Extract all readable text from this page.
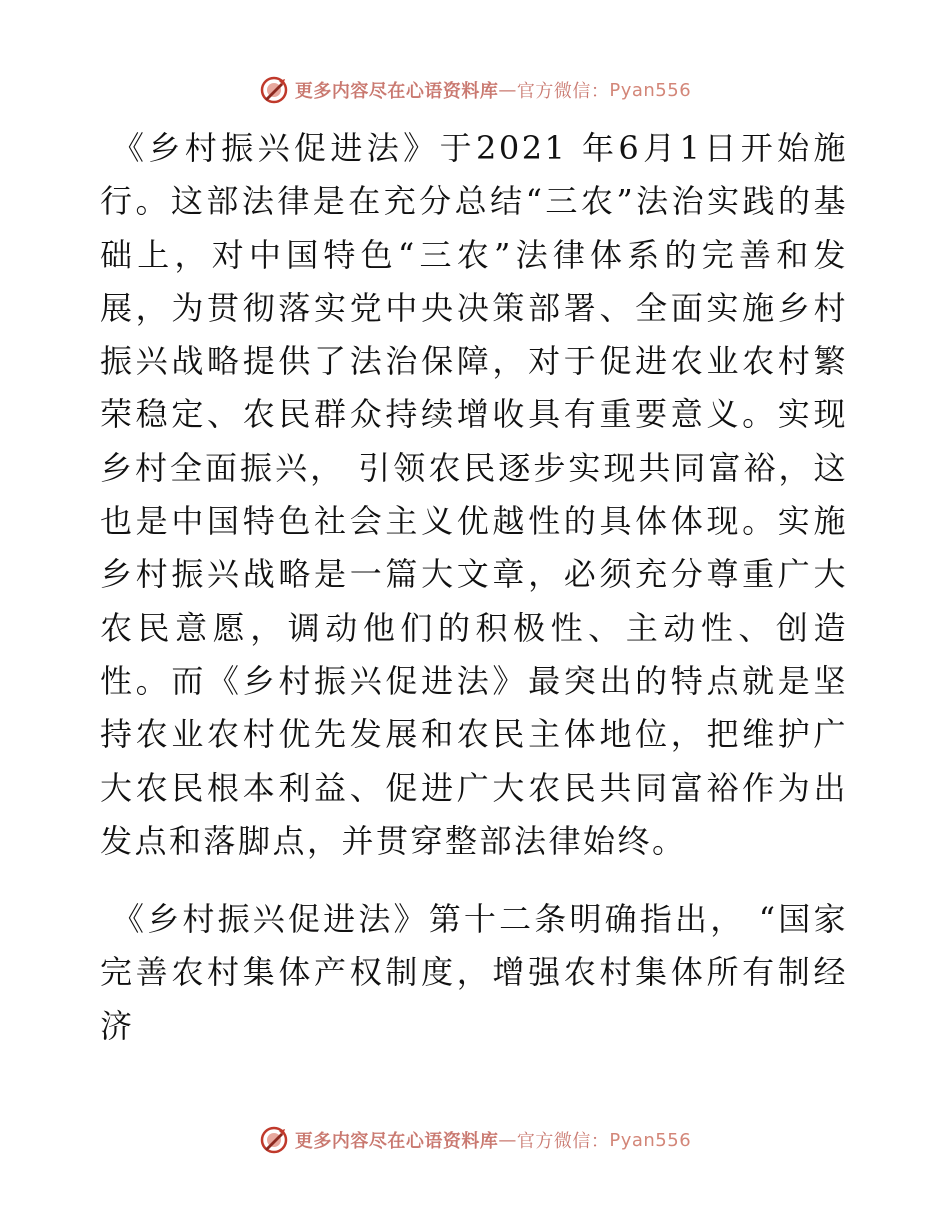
更多内容尽在心语资料库 — 官方微信： Pyan556

《乡村振兴促进法》于2021 年6月1日开始施行。这部法律是在充分总结“三农”法治实践的基础上，对中国特色“三农”法律体系的完善和发展，为贯彻落实党中央决策部署、全面实施乡村振兴战略提供了法治保障，对于促进农业农村繁荣稳定、农民群众持续增收具有重要意义。实现乡村全面振兴， 引领农民逐步实现共同富裕，这也是中国特色社会主义优越性的具体体现。实施乡村振兴战略是一篇大文章，必须充分尊重广大农民意愿，调动他们的积极性、主动性、创造性。而《乡村振兴促进法》最突出的特点就是坚持农业农村优先发展和农民主体地位，把维护广大农民根本利益、促进广大农民共同富裕作为出发点和落脚点，并贯穿整部法律始终。

《乡村振兴促进法》第十二条明确指出， “国家完善农村集体产权制度，增强农村集体所有制经济

更多内容尽在心语资料库 — 官方微信： Pyan556
